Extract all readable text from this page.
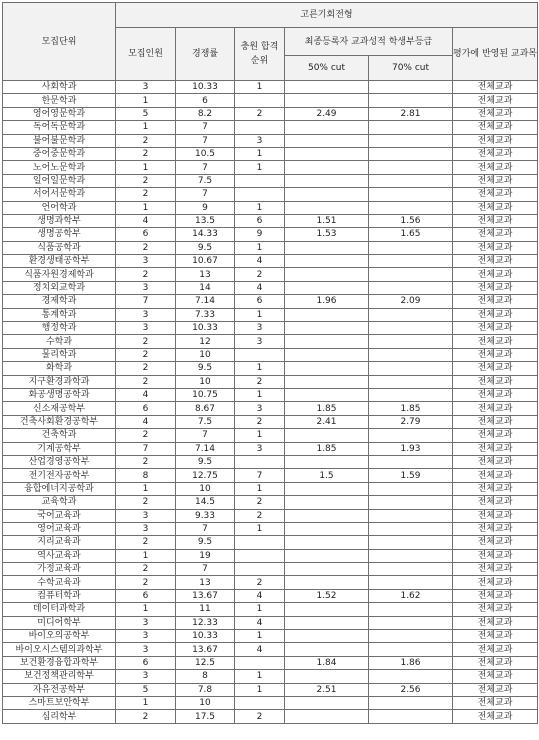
모집단위	고른기회전형					
	모집인원	경쟁률	충원 합격 순위	최종등록자 교과성적 학생부등급		평가에 반영된 교과목
				50% cut	70% cut	
사회학과	3	10.33	1			전체교과
한문학과	1	6				전체교과
영어영문학과	5	8.2	2	2.49	2.81	전체교과
독어독문학과	1	7				전체교과
불어불문학과	2	7	3			전체교과
중어중문학과	2	10.5	1			전체교과
노어노문학과	1	7	1			전체교과
일어일문학과	2	7.5				전체교과
서어서문학과	2	7				전체교과
언어학과	1	9	1			전체교과
생명과학부	4	13.5	6	1.51	1.56	전체교과
생명공학부	6	14.33	9	1.53	1.65	전체교과
식품공학과	2	9.5	1			전체교과
환경생태공학부	3	10.67	4			전체교과
식품자원경제학과	2	13	2			전체교과
정치외교학과	3	14	4			전체교과
경제학과	7	7.14	6	1.96	2.09	전체교과
통계학과	3	7.33	1			전체교과
행정학과	3	10.33	3			전체교과
수학과	2	12	3			전체교과
물리학과	2	10				전체교과
화학과	2	9.5	1			전체교과
지구환경과학과	2	10	2			전체교과
화공생명공학과	4	10.75	1			전체교과
신소재공학부	6	8.67	3	1.85	1.85	전체교과
건축사회환경공학부	4	7.5	2	2.41	2.79	전체교과
건축학과	2	7	1			전체교과
기계공학부	7	7.14	3	1.85	1.93	전체교과
산업경영공학부	2	9.5				전체교과
전기전자공학부	8	12.75	7	1.5	1.59	전체교과
융합에너지공학과	1	10	1			전체교과
교육학과	2	14.5	2			전체교과
국어교육과	3	9.33	2			전체교과
영어교육과	3	7	1			전체교과
지리교육과	2	9.5				전체교과
역사교육과	1	19				전체교과
가정교육과	2	7				전체교과
수학교육과	2	13	2			전체교과
컴퓨터학과	6	13.67	4	1.52	1.62	전체교과
데이터과학과	1	11	1			전체교과
미디어학부	3	12.33	4			전체교과
바이오의공학부	3	10.33	1			전체교과
바이오시스템의과학부	3	13.67	4			전체교과
보건환경융합과학부	6	12.5		1.84	1.86	전체교과
보건정책관리학부	3	8	1			전체교과
자유전공학부	5	7.8	1	2.51	2.56	전체교과
스마트보안학부	1	10				전체교과
심리학부	2	17.5	2			전체교과
